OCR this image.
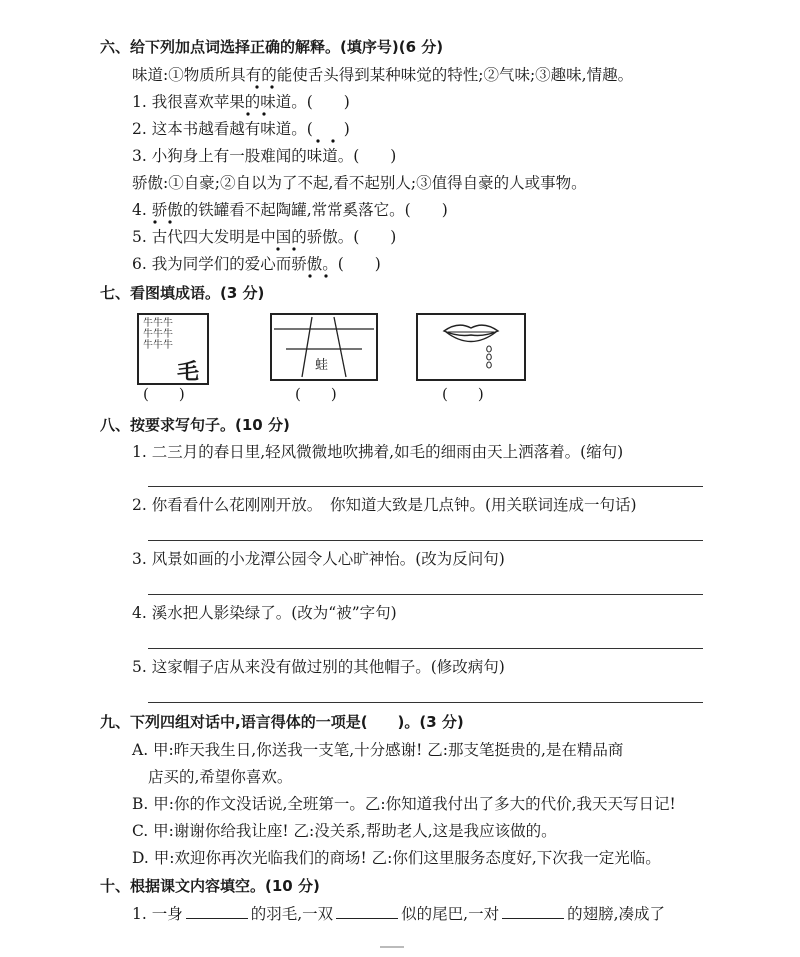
六、给下列加点词选择正确的解释。(填序号)(6 分)
味道:①物质所具有的能使舌头得到某种味觉的特性;②气味;③趣味,情趣。
1. 我很喜欢苹果的味道。(　　)
2. 这本书越看越有味道。(　　)
3. 小狗身上有一股难闻的味道。(　　)
骄傲:①自豪;②自以为了不起,看不起别人;③值得自豪的人或事物。
4. 骄傲的铁罐看不起陶罐,常常奚落它。(　　)
5. 古代四大发明是中国的骄傲。(　　)
6. 我为同学们的爱心而骄傲。(　　)
七、看图填成语。(3 分)
牛牛牛
牛牛牛
牛牛牛
毛	蛙
(　　)	(　　)	(　　)
八、按要求写句子。(10 分)
1. 二三月的春日里,轻风微微地吹拂着,如毛的细雨由天上洒落着。(缩句)
2. 你看看什么花刚刚开放。　你知道大致是几点钟。(用关联词连成一句话)
3. 风景如画的小龙潭公园令人心旷神怡。(改为反问句)
4. 溪水把人影染绿了。(改为“被”字句)
5. 这家帽子店从来没有做过别的其他帽子。(修改病句)
九、下列四组对话中,语言得体的一项是(　　)。(3 分)
A. 甲:昨天我生日,你送我一支笔,十分感谢! 乙:那支笔挺贵的,是在精品商
店买的,希望你喜欢。
B. 甲:你的作文没话说,全班第一。乙:你知道我付出了多大的代价,我天天写日记!
C. 甲:谢谢你给我让座! 乙:没关系,帮助老人,这是我应该做的。
D. 甲:欢迎你再次光临我们的商场! 乙:你们这里服务态度好,下次我一定光临。
十、根据课文内容填空。(10 分)
1. 一身	的羽毛,一双	似的尾巴,一对	的翅膀,凑成了
